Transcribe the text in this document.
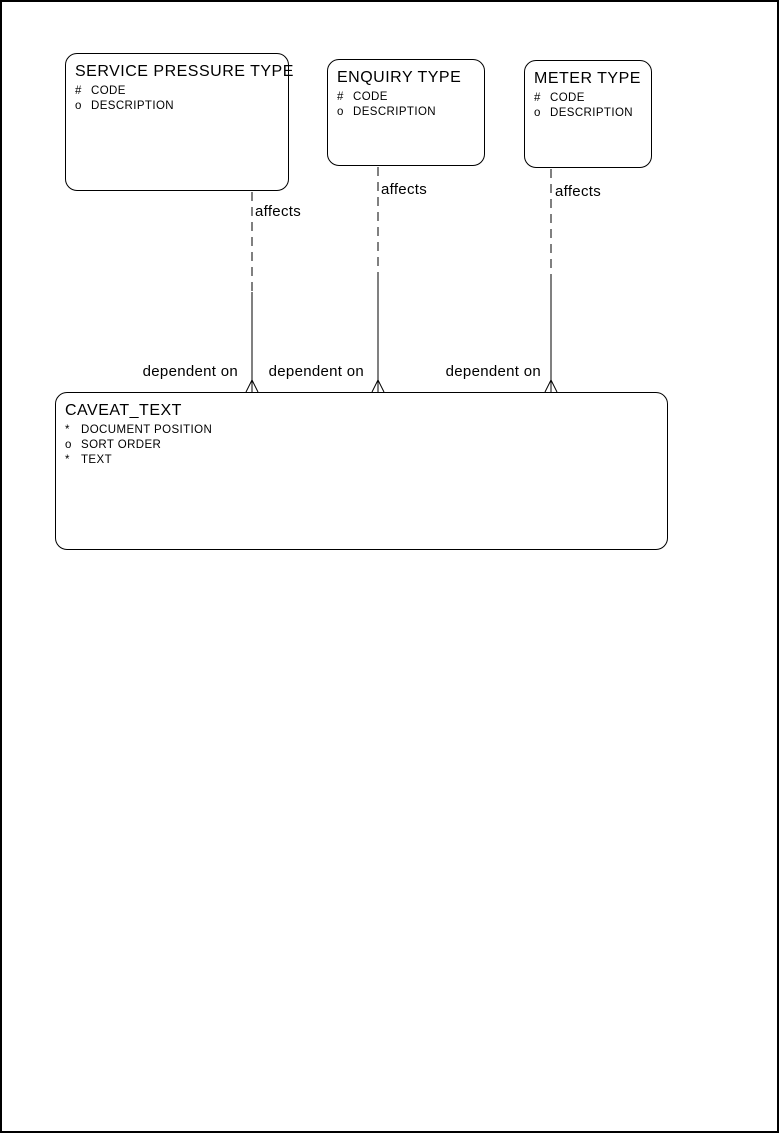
SERVICE PRESSURE TYPE
# CODE
o DESCRIPTION
ENQUIRY TYPE
# CODE
o DESCRIPTION
METER TYPE
# CODE
o DESCRIPTION
CAVEAT_TEXT
* DOCUMENT POSITION
o SORT ORDER
* TEXT
affects
affects	affects
dependent on dependent on	dependent on
